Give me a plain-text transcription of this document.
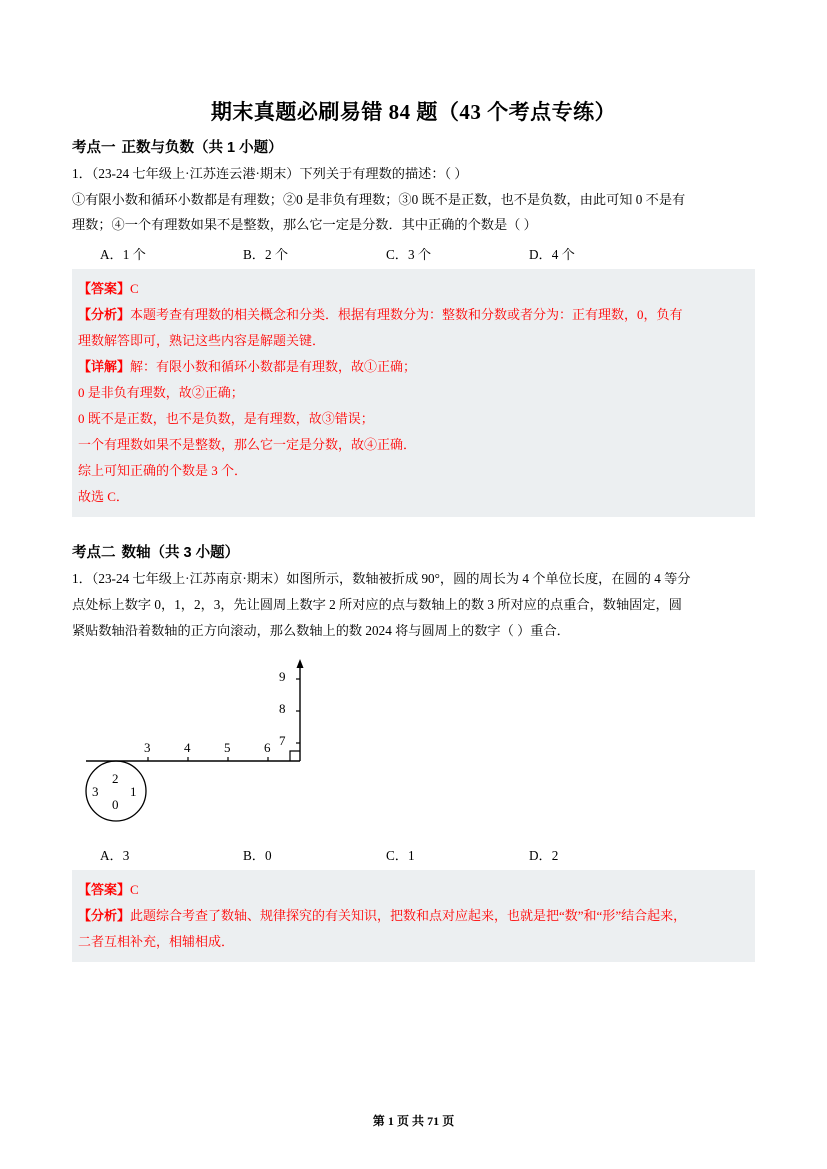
期末真题必刷易错 84 题（43 个考点专练）
考点一 正数与负数（共 1 小题）
1．（23-24 七年级上·江苏连云港·期末）下列关于有理数的描述：（ ）
①有限小数和循环小数都是有理数；②0 是非负有理数；③0 既不是正数，也不是负数，由此可知 0 不是有
理数；④一个有理数如果不是整数，那么它一定是分数．其中正确的个数是（ ）
A．1 个	B．2 个	C．3 个	D．4 个

【答案】C

【分析】本题考查有理数的相关概念和分类．根据有理数分为：整数和分数或者分为：正有理数，0，负有

理数解答即可，熟记这些内容是解题关键．

【详解】解：有限小数和循环小数都是有理数，故①正确；

0 是非负有理数，故②正确；

0 既不是正数，也不是负数，是有理数，故③错误；

一个有理数如果不是整数，那么它一定是分数，故④正确．

综上可知正确的个数是 3 个．

故选 C．

考点二 数轴（共 3 小题）
1．（23-24 七年级上·江苏南京·期末）如图所示，数轴被折成 90°，圆的周长为 4 个单位长度，在圆的 4 等分
点处标上数字 0，1，2，3，先让圆周上数字 2 所对应的点与数轴上的数 3 所对应的点重合，数轴固定，圆
紧贴数轴沿着数轴的正方向滚动，那么数轴上的数 2024 将与圆周上的数字（ ）重合．
9
8
7
6
5
4
3
2
3 1
0
A．3	B．0	C．1	D．2

【答案】C

【分析】此题综合考查了数轴、规律探究的有关知识，把数和点对应起来，也就是把“数”和“形”结合起来，

二者互相补充，相辅相成．

第 1 页 共 71 页
